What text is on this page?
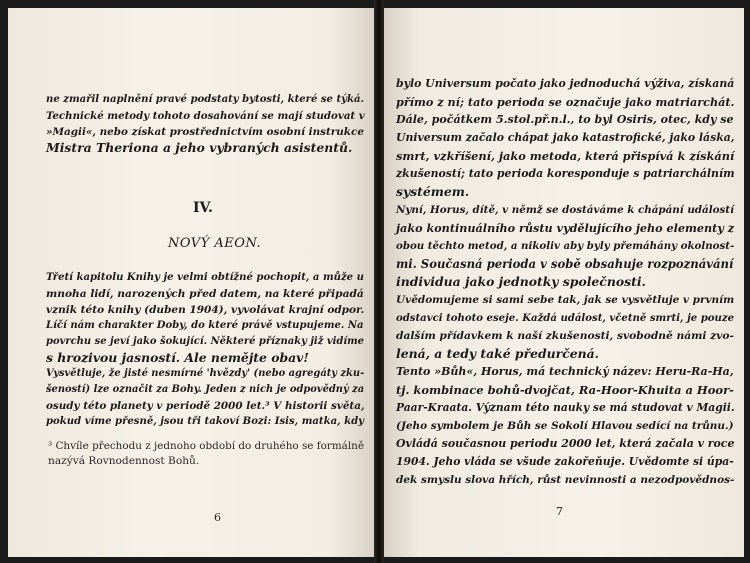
ne zmařil naplnění pravé podstaty bytosti, které se týká.
Technické metody tohoto dosahování se mají studovat v
»Magii«, nebo získat prostřednictvím osobní instrukce
Mistra Theriona a jeho vybraných asistentů.
IV.
NOVÝ AEON.
Třetí kapitolu Knihy je velmi obtížné pochopit, a může u
mnoha lidí, narozených před datem, na které připadá
vznik této knihy (duben 1904), vyvolávat krajní odpor.
Líčí nám charakter Doby, do které právě vstupujeme. Na
povrchu se jeví jako šokující. Některé příznaky již vidíme
s hrozivou jasností. Ale nemějte obav!
Vysvětluje, že jisté nesmírné 'hvězdy' (nebo agregáty zku-
šeností) lze označit za Bohy. Jeden z nich je odpovědný za
osudy této planety v periodě 2000 let.³ V historii světa,
pokud víme přesně, jsou tři takoví Bozi: Isis, matka, kdy
³ Chvíle přechodu z jednoho období do druhého se formálně
nazývá Rovnodennost Bohů.
6
bylo Universum počato jako jednoduchá výživa, získaná
přímo z ní; tato perioda se označuje jako matriarchát.
Dále, počátkem 5.stol.př.n.l., to byl Osiris, otec, kdy se
Universum začalo chápat jako katastrofické, jako láska,
smrt, vzkříšení, jako metoda, která přispívá k získání
zkušeností; tato perioda koresponduje s patriarchálním
systémem.
Nyní, Horus, dítě, v němž se dostáváme k chápání událostí
jako kontinuálního růstu vydělujícího jeho elementy z
obou těchto metod, a nikoliv aby byly přemáhány okolnost-
mi. Současná perioda v sobě obsahuje rozpoznávání
individua jako jednotky společnosti.
Uvědomujeme si sami sebe tak, jak se vysvětluje v prvním
odstavci tohoto eseje. Každá událost, včetně smrti, je pouze
dalším přídavkem k naší zkušenosti, svobodně námi zvo-
lená, a tedy také předurčená.
Tento »Bůh«, Horus, má technický název: Heru-Ra-Ha,
tj. kombinace bohů-dvojčat, Ra-Hoor-Khuita a Hoor-
Paar-Kraata. Význam této nauky se má studovat v Magii.
(Jeho symbolem je Bůh se Sokolí Hlavou sedící na trůnu.)
Ovládá současnou periodu 2000 let, která začala v roce
1904. Jeho vláda se všude zakořeňuje. Uvědomte si úpa-
dek smyslu slova hřích, růst nevinnosti a nezodpovědnos-
7
